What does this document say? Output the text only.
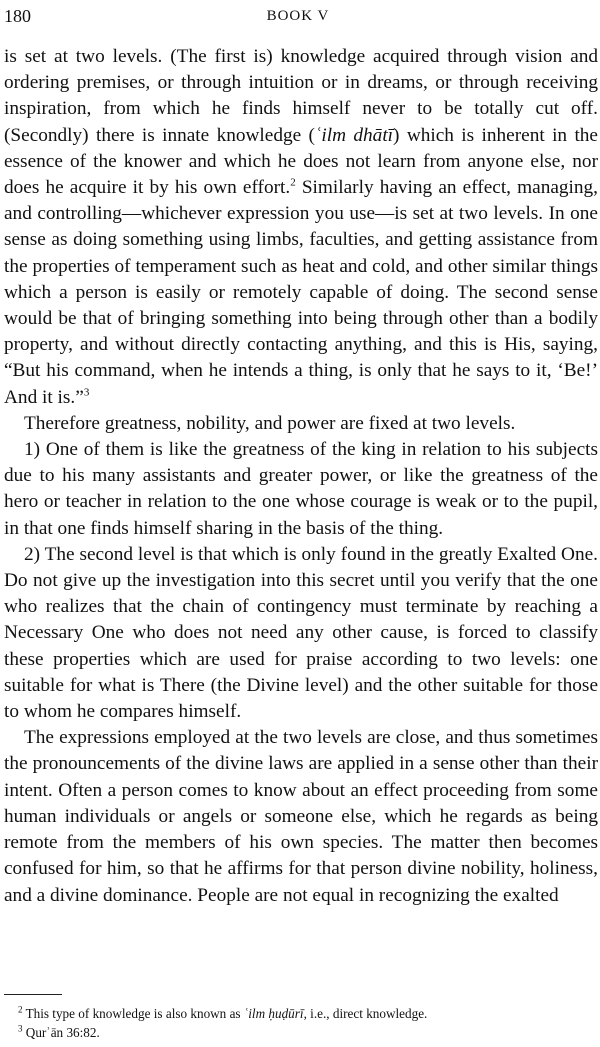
180	BOOK V

is set at two levels. (The first is) knowledge acquired through vision and ordering premises, or through intuition or in dreams, or through receiving inspiration, from which he finds himself never to be totally cut off. (Secondly) there is innate knowledge (ʿilm dhātī) which is inherent in the essence of the knower and which he does not learn from anyone else, nor does he acquire it by his own effort.$^2$ Similarly having an effect, managing, and controlling—whichever expression you use—is set at two levels. In one sense as doing something using limbs, faculties, and getting assistance from the properties of temperament such as heat and cold, and other similar things which a person is easily or remotely capable of doing. The second sense would be that of bringing something into being through other than a bodily property, and without directly contacting anything, and this is His, saying, “But his command, when he intends a thing, is only that he says to it, ‘Be!’ And it is.”$^3$

Therefore greatness, nobility, and power are fixed at two levels.

1) One of them is like the greatness of the king in relation to his subjects due to his many assistants and greater power, or like the greatness of the hero or teacher in relation to the one whose courage is weak or to the pupil, in that one finds himself sharing in the basis of the thing.

2) The second level is that which is only found in the greatly Exalted One. Do not give up the investigation into this secret until you verify that the one who realizes that the chain of contingency must terminate by reaching a Necessary One who does not need any other cause, is forced to classify these properties which are used for praise according to two levels: one suitable for what is There (the Divine level) and the other suitable for those to whom he compares himself.

The expressions employed at the two levels are close, and thus sometimes the pronouncements of the divine laws are applied in a sense other than their intent. Often a person comes to know about an effect proceeding from some human individuals or angels or someone else, which he regards as being remote from the members of his own species. The matter then becomes confused for him, so that he affirms for that person divine nobility, holiness, and a divine dominance. People are not equal in recognizing the exalted

$^2$ This type of knowledge is also known as ʿilm ḥuḍūrī, i.e., direct knowledge.

$^3$ Qurʾān 36:82.
